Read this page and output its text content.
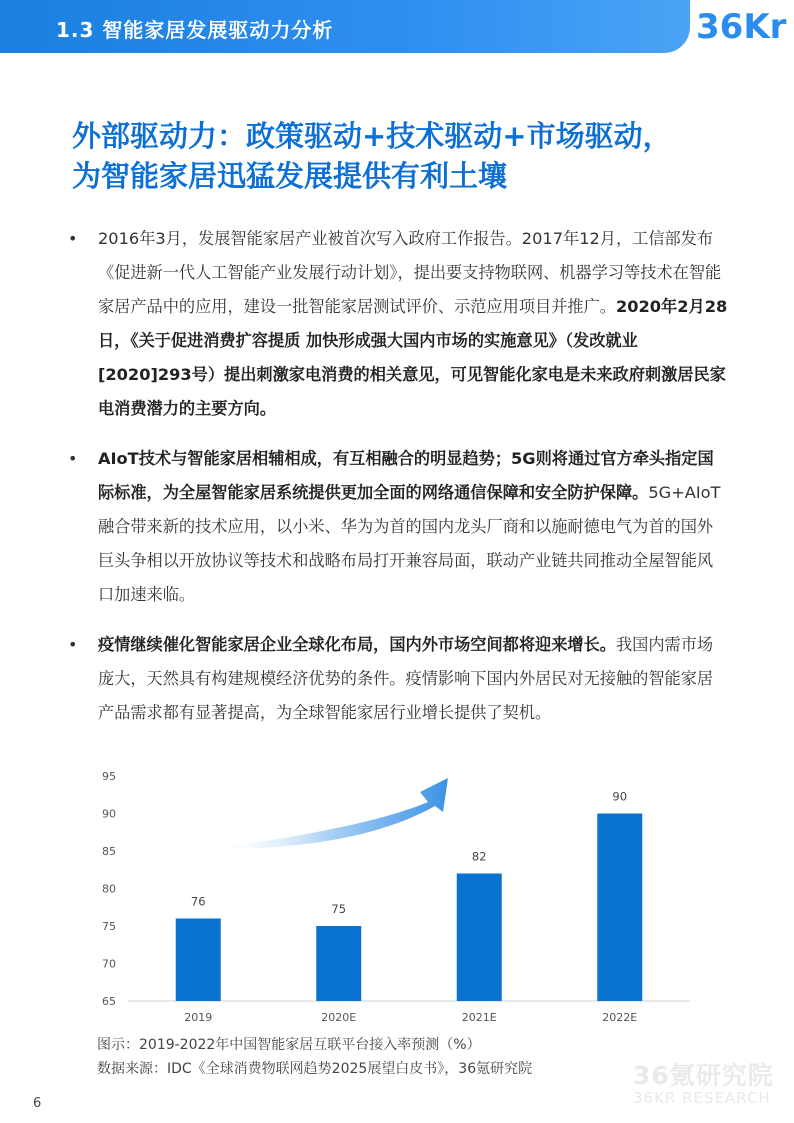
1.3 智能家居发展驱动力分析	36Kr
外部驱动力：政策驱动+技术驱动+市场驱动，
为智能家居迅猛发展提供有利土壤
• 2016年3月，发展智能家居产业被首次写入政府工作报告。2017年12月，工信部发布《促进新一代人工智能产业发展行动计划》，提出要支持物联网、机器学习等技术在智能家居产品中的应用，建设一批智能家居测试评价、示范应用项目并推广。2020年2月28日，《关于促进消费扩容提质 加快形成强大国内市场的实施意见》（发改就业[2020]293号）提出刺激家电消费的相关意见，可见智能化家电是未来政府刺激居民家电消费潜力的主要方向。
• AIoT技术与智能家居相辅相成，有互相融合的明显趋势；5G则将通过官方牵头指定国际标准，为全屋智能家居系统提供更加全面的网络通信保障和安全防护保障。5G+AIoT融合带来新的技术应用，以小米、华为为首的国内龙头厂商和以施耐德电气为首的国外巨头争相以开放协议等技术和战略布局打开兼容局面，联动产业链共同推动全屋智能风口加速来临。
• 疫情继续催化智能家居企业全球化布局，国内外市场空间都将迎来增长。我国内需市场庞大，天然具有构建规模经济优势的条件。疫情影响下国内外居民对无接触的智能家居产品需求都有显著提高，为全球智能家居行业增长提供了契机。
65
70
75
80
85
90
95
76
2019
75
2020E
82
2021E
90
2022E
图示：2019-2022年中国智能家居互联平台接入率预测（%）
数据来源：IDC《全球消费物联网趋势2025展望白皮书》，36氪研究院	36氪研究院
36KR RESEARCH
6
